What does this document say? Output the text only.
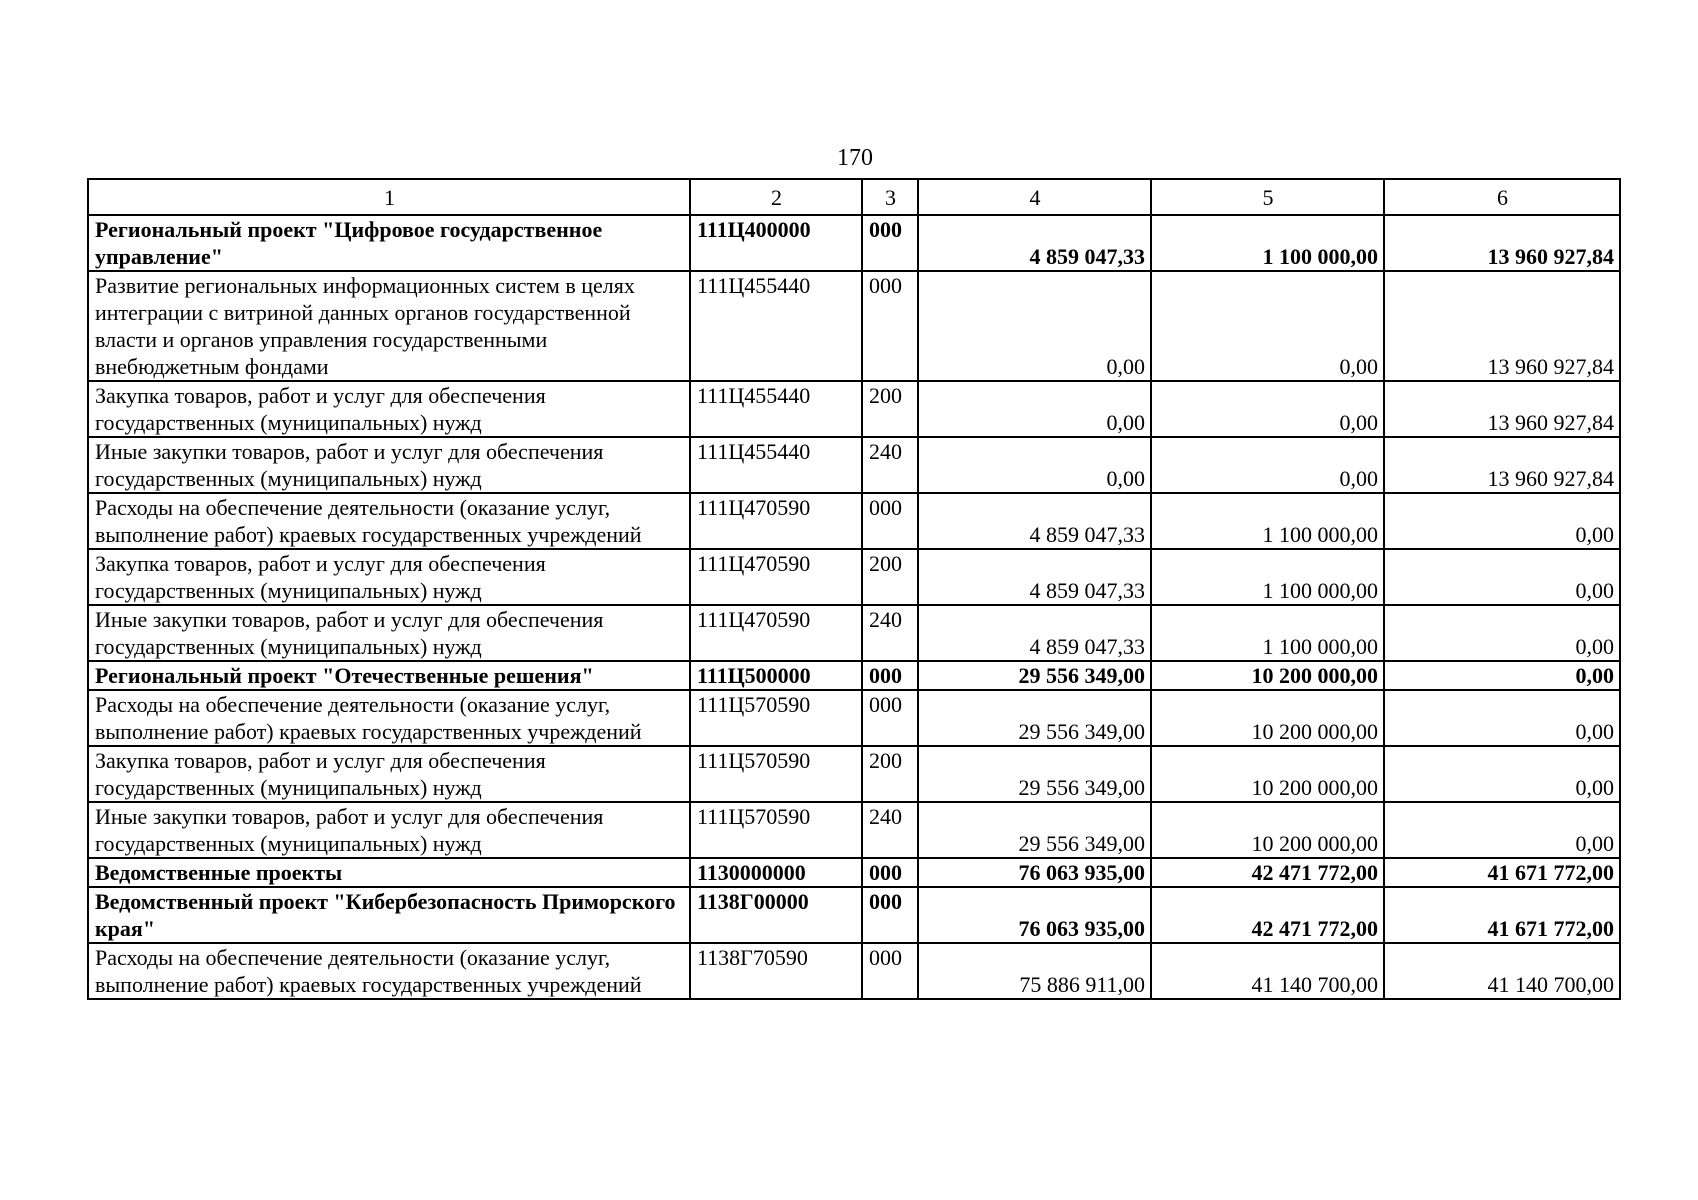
170
1	2	3	4	5	6
Региональный проект "Цифровое государственное управление"	111Ц400000	000	4 859 047,33	1 100 000,00	13 960 927,84
Развитие региональных информационных систем в целях интеграции с витриной данных органов государственной власти и органов управления государственными внебюджетным фондами	111Ц455440	000	0,00	0,00	13 960 927,84
Закупка товаров, работ и услуг для обеспечения государственных (муниципальных) нужд	111Ц455440	200	0,00	0,00	13 960 927,84
Иные закупки товаров, работ и услуг для обеспечения государственных (муниципальных) нужд	111Ц455440	240	0,00	0,00	13 960 927,84
Расходы на обеспечение деятельности (оказание услуг, выполнение работ) краевых государственных учреждений	111Ц470590	000	4 859 047,33	1 100 000,00	0,00
Закупка товаров, работ и услуг для обеспечения государственных (муниципальных) нужд	111Ц470590	200	4 859 047,33	1 100 000,00	0,00
Иные закупки товаров, работ и услуг для обеспечения государственных (муниципальных) нужд	111Ц470590	240	4 859 047,33	1 100 000,00	0,00
Региональный проект "Отечественные решения"	111Ц500000	000	29 556 349,00	10 200 000,00	0,00
Расходы на обеспечение деятельности (оказание услуг, выполнение работ) краевых государственных учреждений	111Ц570590	000	29 556 349,00	10 200 000,00	0,00
Закупка товаров, работ и услуг для обеспечения государственных (муниципальных) нужд	111Ц570590	200	29 556 349,00	10 200 000,00	0,00
Иные закупки товаров, работ и услуг для обеспечения государственных (муниципальных) нужд	111Ц570590	240	29 556 349,00	10 200 000,00	0,00
Ведомственные проекты	1130000000	000	76 063 935,00	42 471 772,00	41 671 772,00
Ведомственный проект "Кибербезопасность Приморского края"	1138Г00000	000	76 063 935,00	42 471 772,00	41 671 772,00
Расходы на обеспечение деятельности (оказание услуг, выполнение работ) краевых государственных учреждений	1138Г70590	000	75 886 911,00	41 140 700,00	41 140 700,00
